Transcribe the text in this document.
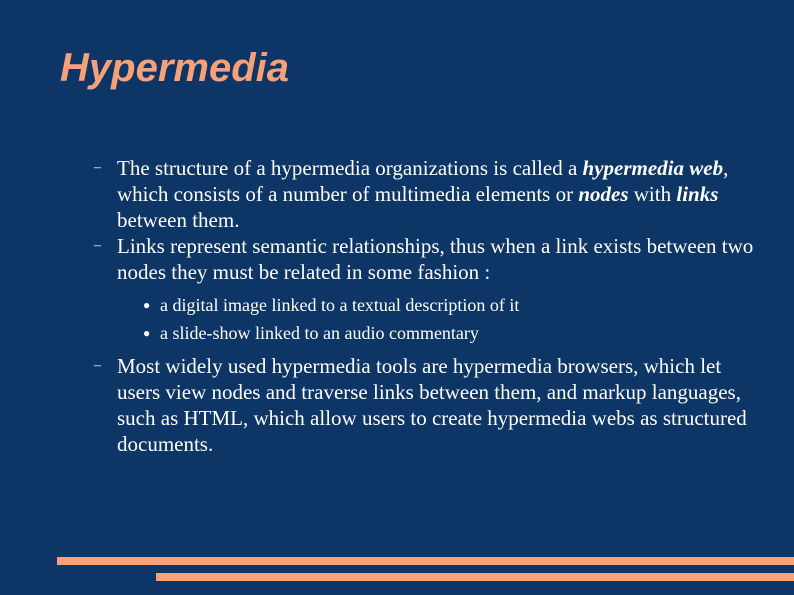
Hypermedia

– The structure of a hypermedia organizations is called a hypermedia web, which consists of a number of multimedia elements or nodes with links between them.

– Links represent semantic relationships, thus when a link exists between two nodes they must be related in some fashion :

● a digital image linked to a textual description of it
● a slide-show linked to an audio commentary

– Most widely used hypermedia tools are hypermedia browsers, which let users view nodes and traverse links between them, and markup languages, such as HTML, which allow users to create hypermedia webs as structured documents.
